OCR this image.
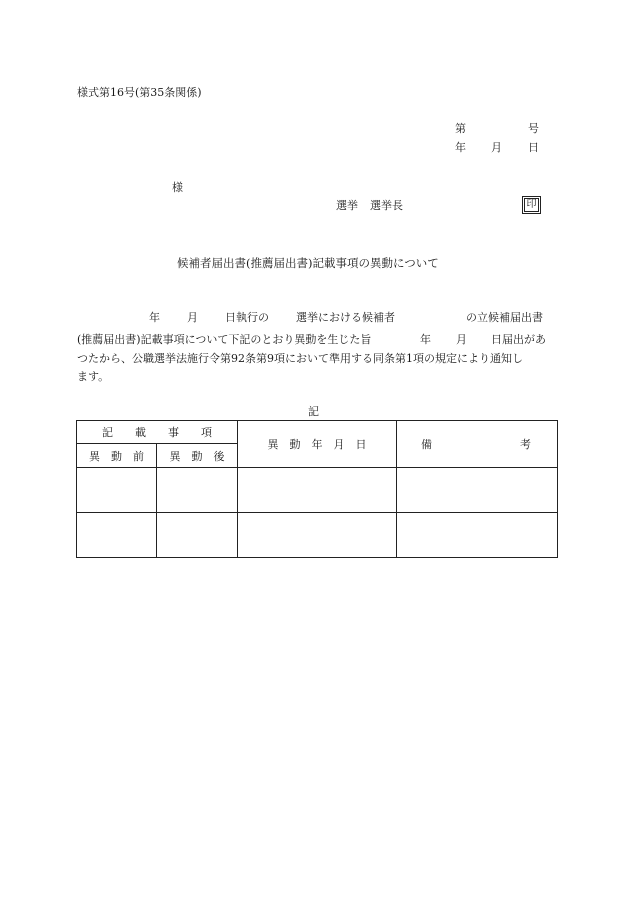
様式第16号(第35条関係)
第	号
年 月 日
様
選挙 選挙長	印
候補者届出書(推薦届出書)記載事項の異動について
年 月 日執行の 選挙における候補者	の立候補届出書
(推薦届出書)記載事項について下記のとおり異動を生じた旨	年 月 日届出があ
つたから、公職選挙法施行令第92条第9項において準用する同条第1項の規定により通知し
ます。
記
記　　載　　事　　項		異　動　年　月　日	備 考

異　動　前	異　動　後		
